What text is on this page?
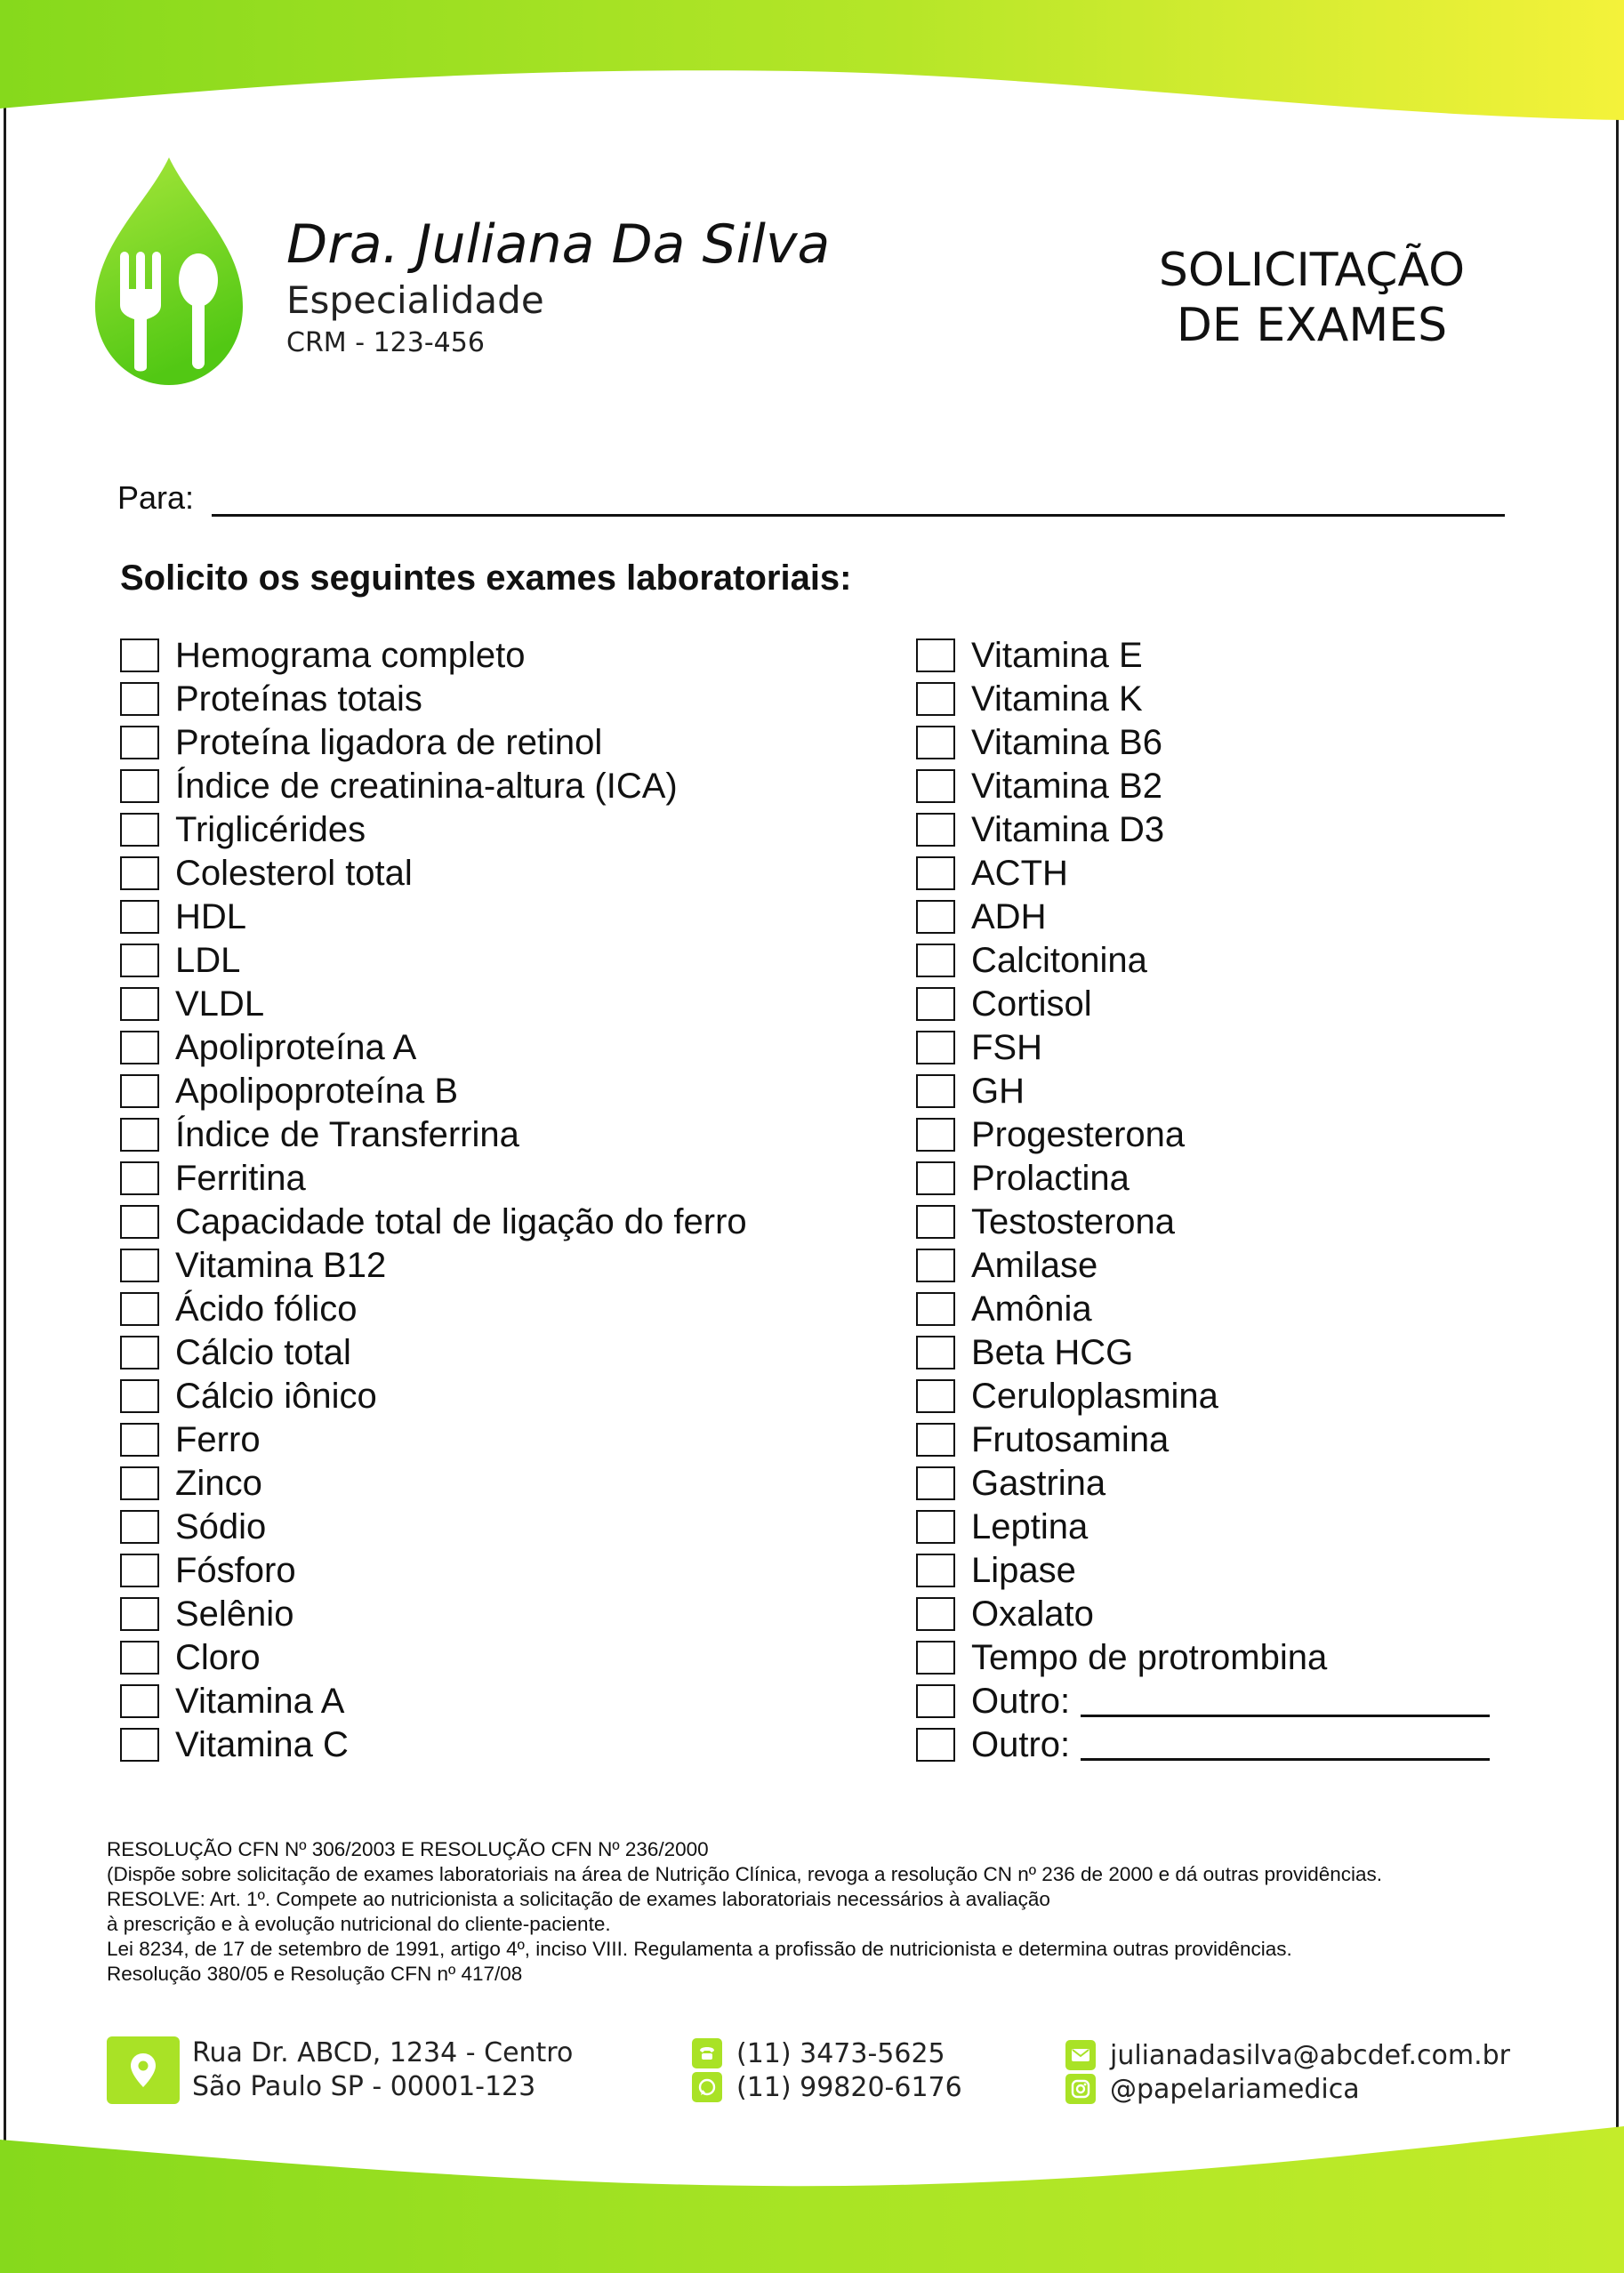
Dra. Juliana Da Silva
Especialidade
CRM - 123-456
SOLICITAÇÃO
DE EXAMES
Para:
Solicito os seguintes exames laboratoriais:
Hemograma completo
Proteínas totais
Proteína ligadora de retinol
Índice de creatinina-altura (ICA)
Triglicérides
Colesterol total
HDL
LDL
VLDL
Apoliproteína A
Apolipoproteína B
Índice de Transferrina
Ferritina
Capacidade total de ligação do ferro
Vitamina B12
Ácido fólico
Cálcio total
Cálcio iônico
Ferro
Zinco
Sódio
Fósforo
Selênio
Cloro
Vitamina A
Vitamina C
Vitamina E
Vitamina K
Vitamina B6
Vitamina B2
Vitamina D3
ACTH
ADH
Calcitonina
Cortisol
FSH
GH
Progesterona
Prolactina
Testosterona
Amilase
Amônia
Beta HCG
Ceruloplasmina
Frutosamina
Gastrina
Leptina
Lipase
Oxalato
Tempo de protrombina
Outro:
Outro:
RESOLUÇÃO CFN Nº 306/2003 E RESOLUÇÃO CFN Nº 236/2000
(Dispõe sobre solicitação de exames laboratoriais na área de Nutrição Clínica, revoga a resolução CN nº 236 de 2000 e dá outras providências.
RESOLVE: Art. 1º. Compete ao nutricionista a solicitação de exames laboratoriais necessários à avaliação
à prescrição e à evolução nutricional do cliente-paciente.
Lei 8234, de 17 de setembro de 1991, artigo 4º, inciso VIII. Regulamenta a profissão de nutricionista e determina outras providências.
Resolução 380/05 e Resolução CFN nº 417/08
Rua Dr. ABCD, 1234 - Centro
São Paulo SP - 00001-123
(11) 3473-5625
(11) 99820-6176
julianadasilva@abcdef.com.br
@papelariamedica
